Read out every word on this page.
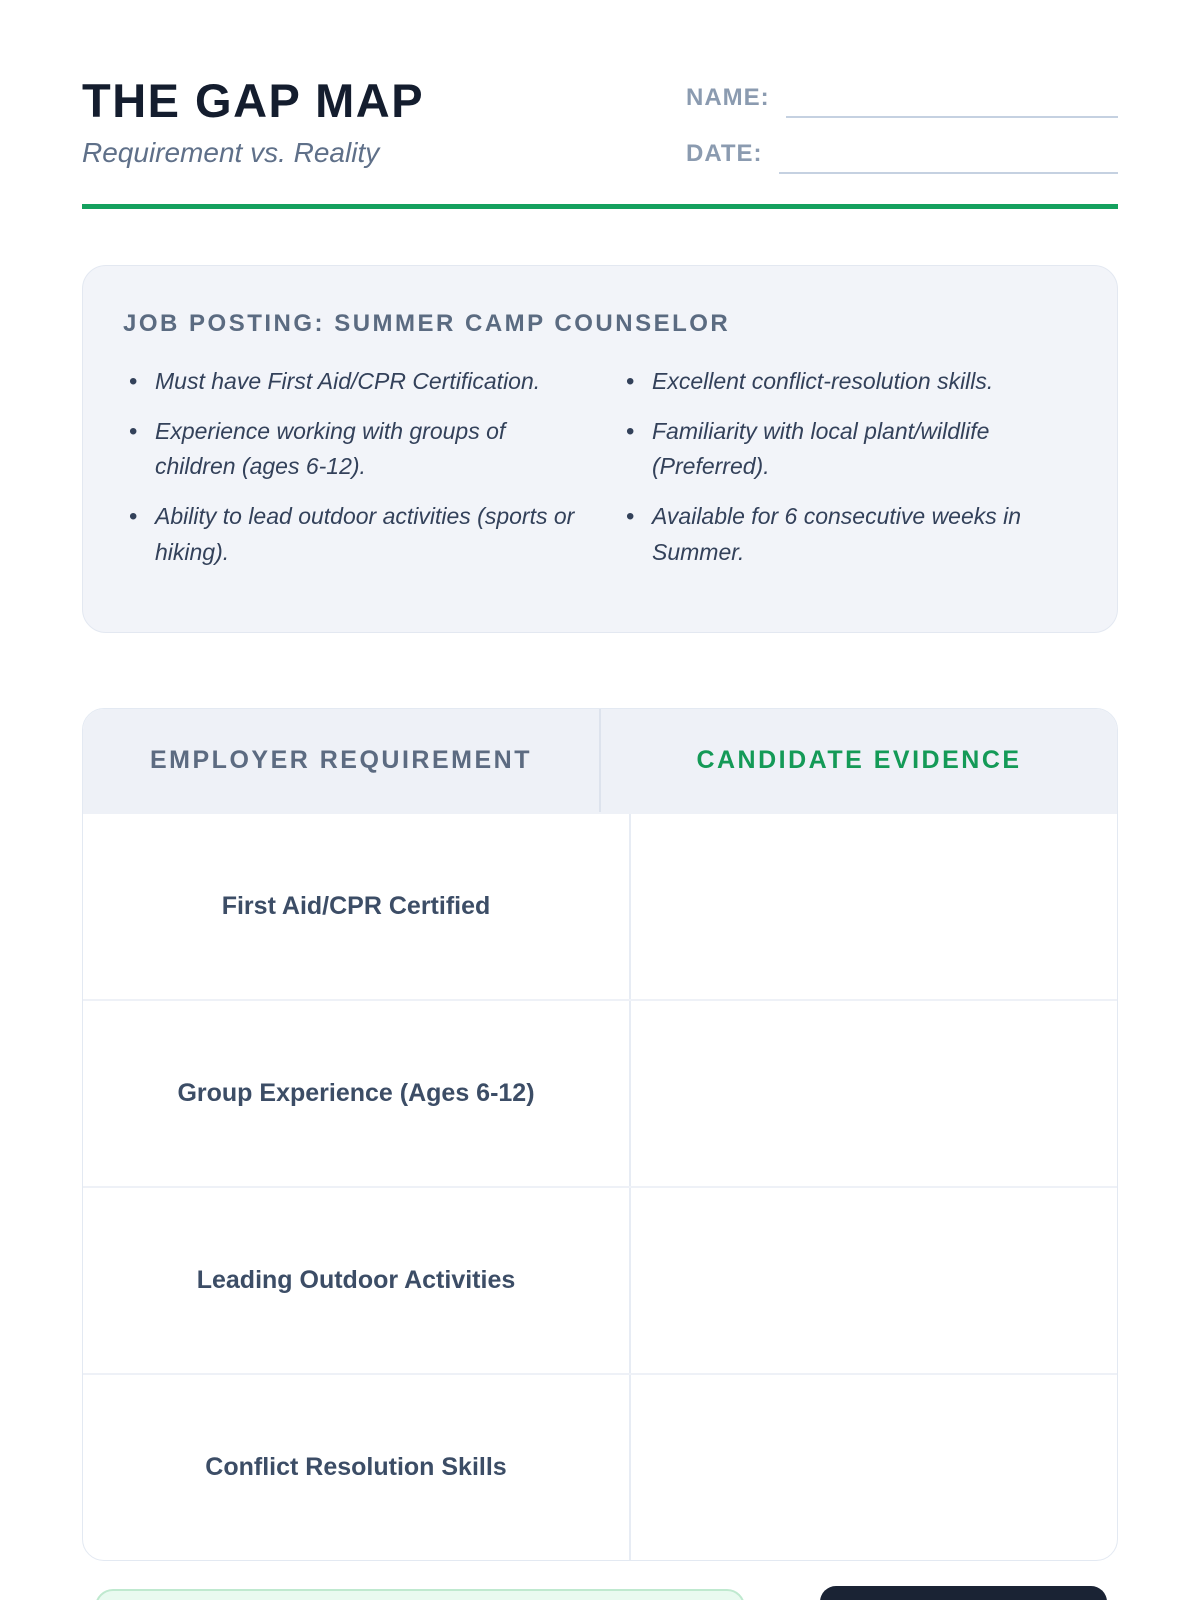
THE GAP MAP
Requirement vs. Reality
NAME:
DATE:
JOB POSTING: SUMMER CAMP COUNSELOR
• Must have First Aid/CPR Certification.
• Experience working with groups of children (ages 6-12).
• Ability to lead outdoor activities (sports or hiking).
• Excellent conflict-resolution skills.
• Familiarity with local plant/wildlife (Preferred).
• Available for 6 consecutive weeks in Summer.
EMPLOYER REQUIREMENT	CANDIDATE EVIDENCE
First Aid/CPR Certified
Group Experience (Ages 6-12)
Leading Outdoor Activities
Conflict Resolution Skills
